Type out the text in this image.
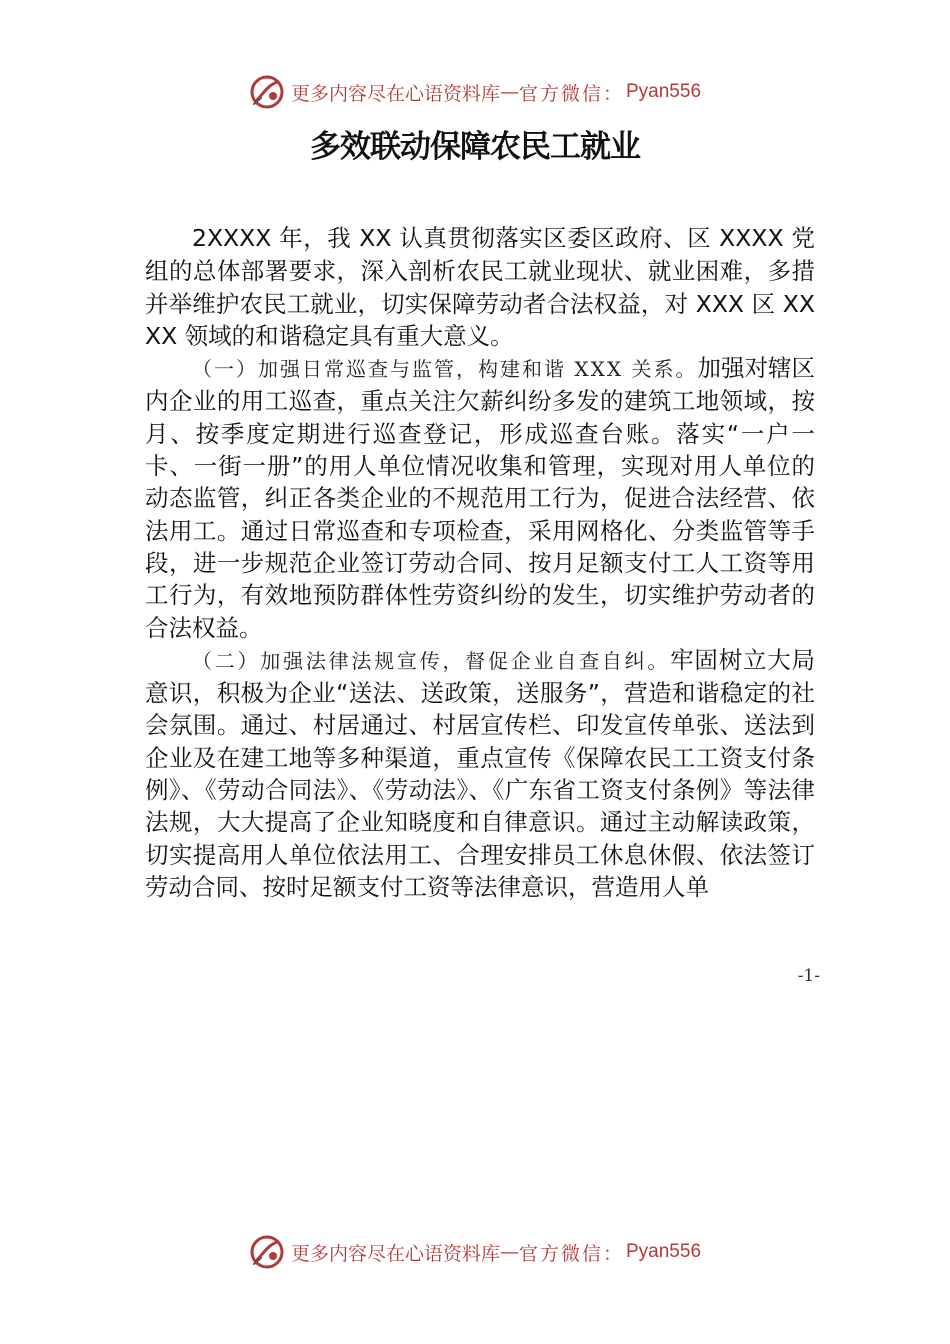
更多内容尽在心语资料库 — 官方微信： Pyan556
多效联动保障农民工就业

2XXXX 年，我 XX 认真贯彻落实区委区政府、区 XXXX 党组的总体部署要求，深入剖析农民工就业现状、就业困难，多措并举维护农民工就业，切实保障劳动者合法权益，对 XXX 区 XXXX 领域的和谐稳定具有重大意义。

（一）加强日常巡查与监管，构建和谐 XXX 关系。加强对辖区内企业的用工巡查，重点关注欠薪纠纷多发的建筑工地领域，按月、按季度定期进行巡查登记，形成巡查台账。落实“一户一卡、一街一册”的用人单位情况收集和管理，实现对用人单位的动态监管，纠正各类企业的不规范用工行为，促进合法经营、依法用工。通过日常巡查和专项检查，采用网格化、分类监管等手段，进一步规范企业签订劳动合同、按月足额支付工人工资等用工行为，有效地预防群体性劳资纠纷的发生，切实维护劳动者的合法权益。

（二）加强法律法规宣传，督促企业自查自纠。牢固树立大局意识，积极为企业“送法、送政策，送服务”，营造和谐稳定的社会氛围。通过、村居通过、村居宣传栏、印发宣传单张、送法到企业及在建工地等多种渠道，重点宣传《保障农民工工资支付条例》、《劳动合同法》、《劳动法》、《广东省工资支付条例》等法律法规，大大提高了企业知晓度和自律意识。通过主动解读政策， 切实提高用人单位依法用工、合理安排员工休息休假、依法签订劳动合同、按时足额支付工资等法律意识，营造用人单

-1-
更多内容尽在心语资料库 — 官方微信： Pyan556
